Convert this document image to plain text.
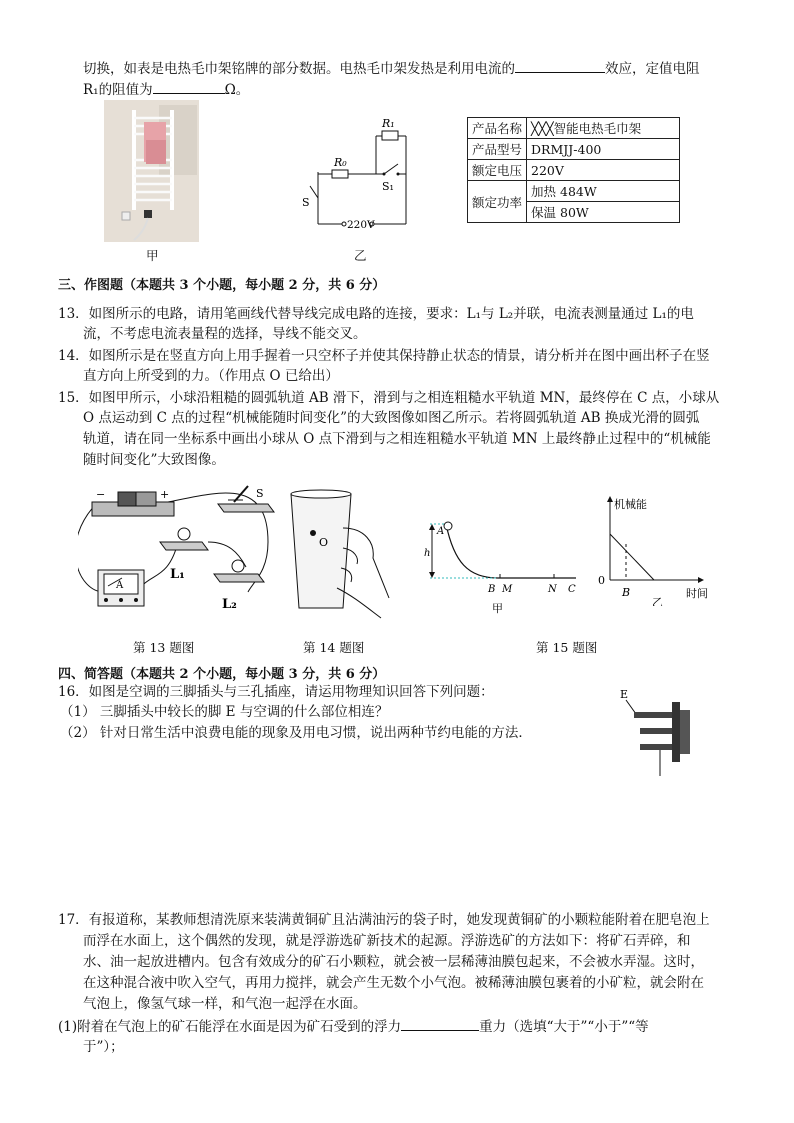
切换，如表是电热毛巾架铭牌的部分数据。电热毛巾架发热是利用电流的	效应，定值电阻
R₁的阻值为	Ω。
甲
R₁
R₀
S₁
S
220V
乙
产品名称	╳╳╳智能电热毛巾架
产品型号	DRMJJ-400
额定电压	220V
额定功率	加热 484W
	保温 80W
三、作图题（本题共 3 个小题，每小题 2 分，共 6 分）
13．如图所示的电路，请用笔画线代替导线完成电路的连接，要求：L₁与 L₂并联，电流表测量通过 L₁的电
流，不考虑电流表量程的选择，导线不能交叉。
14．如图所示是在竖直方向上用手握着一只空杯子并使其保持静止状态的情景，请分析并在图中画出杯子在竖
直方向上所受到的力。（作用点 O 已给出）
15．如图甲所示，小球沿粗糙的圆弧轨道 AB 滑下，滑到与之相连粗糙水平轨道 MN，最终停在 C 点，小球从
O 点运动到 C 点的过程“机械能随时间变化”的大致图像如图乙所示。若将圆弧轨道 AB 换成光滑的圆弧
轨道，请在同一坐标系中画出小球从 O 点下滑到与之相连粗糙水平轨道 MN 上最终静止过程中的“机械能
随时间变化”大致图像。
−	+	S
L₁
L₂
A
第 13 题图
O
第 14 题图
A
h
B M	N C
甲
机械能
时间
0
B
乙
第 15 题图
四、简答题（本题共 2 个小题，每小题 3 分，共 6 分）
16．如图是空调的三脚插头与三孔插座，请运用物理知识回答下列问题：
（1） 三脚插头中较长的脚 E 与空调的什么部位相连？
（2） 针对日常生活中浪费电能的现象及用电习惯，说出两种节约电能的方法．
E
17．有报道称，某教师想清洗原来装满黄铜矿且沾满油污的袋子时，她发现黄铜矿的小颗粒能附着在肥皂泡上
而浮在水面上，这个偶然的发现，就是浮游选矿新技术的起源。浮游选矿的方法如下：将矿石弄碎，和
水、油一起放进槽内。包含有效成分的矿石小颗粒，就会被一层稀薄油膜包起来，不会被水弄湿。这时，
在这种混合液中吹入空气，再用力搅拌，就会产生无数个小气泡。被稀薄油膜包裹着的小矿粒，就会附在
气泡上，像氢气球一样，和气泡一起浮在水面。
(1)附着在气泡上的矿石能浮在水面是因为矿石受到的浮力	重力（选填“大于”“小于”“等
于”）；
